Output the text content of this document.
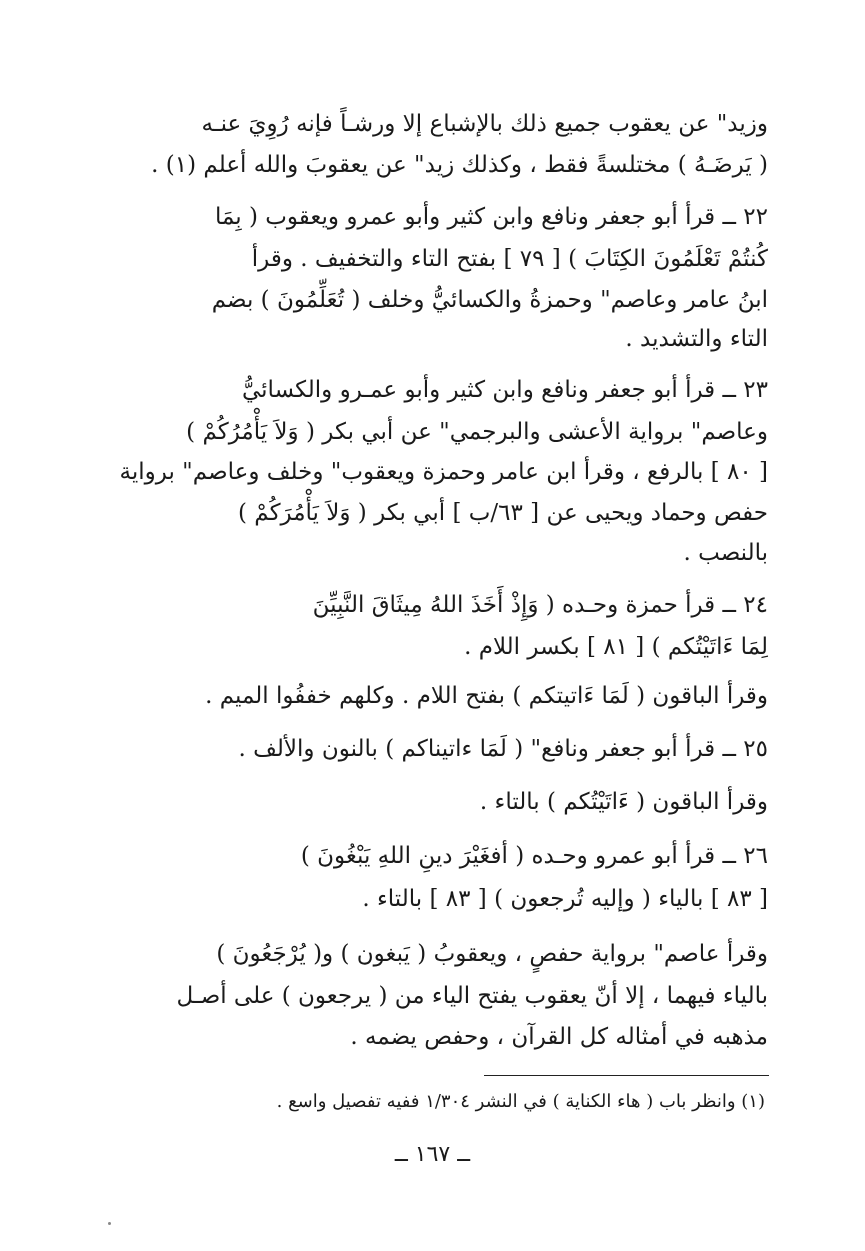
وزيد" عن يعقوب جميع ذلك بالإشباع إلا ورشـاً فإنه رُوِيَ عنـه
( يَرضَـهُ ) مختلسةً فقط ، وكذلك زيد" عن يعقوبَ والله أعلم (١) .
٢٢ ــ قرأ أبو جعفر ونافع وابن كثير وأبو عمرو ويعقوب ( بِمَا
كُنتُمْ تَعْلَمُونَ الكِتَابَ ) [ ٧٩ ] بفتح التاء والتخفيف . وقرأ
ابنُ عامر وعاصم" وحمزةُ والكسائيُّ وخلف ( تُعَلِّمُونَ ) بضم
التاء والتشديد .
٢٣ ــ قرأ أبو جعفر ونافع وابن كثير وأبو عمـرو والكسائيُّ
وعاصم" برواية الأعشى والبرجمي" عن أبي بكر ( وَلاَ يَأْمُرُكُمْ )
[ ٨٠ ] بالرفع ، وقرأ ابن عامر وحمزة ويعقوب" وخلف وعاصم" برواية
حفص وحماد ويحيى عن [ ٦٣/ب ] أبي بكر ( وَلاَ يَأْمُرَكُمْ )
بالنصب .
٢٤ ــ قرأ حمزة وحـده ( وَإِذْ أَخَذَ اللهُ مِيثَاقَ النَّبِيِّنَ
لِمَا ءَاتَيْتُكم ) [ ٨١ ] بكسر اللام .
وقرأ الباقون ( لَمَا ءَاتيتكم ) بفتح اللام . وكلهم خففُوا الميم .
٢٥ ــ قرأ أبو جعفر ونافع" ( لَمَا ءاتيناكم ) بالنون والألف .
وقرأ الباقون ( ءَاتَيْتُكم ) بالتاء .
٢٦ ــ قرأ أبو عمرو وحـده ( أفغَيْرَ دينِ اللهِ يَبْغُونَ )
[ ٨٣ ] بالياء ( وإليه تُرجعون ) [ ٨٣ ] بالتاء .
وقرأ عاصم" برواية حفصٍ ، ويعقوبُ ( يَبغون ) و( يُرْجَعُونَ )
بالياء فيهما ، إلا أنّ يعقوب يفتح الياء من ( يرجعون ) على أصـل
مذهبه في أمثاله كل القرآن ، وحفص يضمه .
(١) وانظر باب ( هاء الكناية ) في النشر ١/٣٠٤ ففيه تفصيل واسع .
ــ ١٦٧ ــ
